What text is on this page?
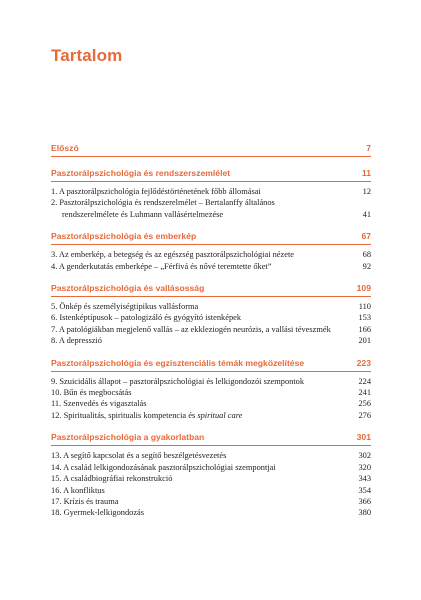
Tartalom
Előszó	7
Pasztorálpszichológia és rendszerszemlélet	11
1. A pasztorálpszichológia fejlődéstörténetének főbb állomásai	12
2. Pasztorálpszichológia és rendszerelmélet – Bertalanffy általános rendszerelmélete és Luhmann vallásértelmezése	41
Pasztorálpszichológia és emberkép	67
3. Az emberkép, a betegség és az egészség pasztorálpszichológiai nézete	68
4. A genderkutatás emberképe – „Férfivá és nővé teremtette őket”	92
Pasztorálpszichológia és vallásosság	109
5. Önkép és személyiségtipikus vallásforma	110
6. Istenképtípusok – patologizáló és gyógyító istenképek	153
7. A patológiákban megjelenő vallás – az ekkleziogén neurózis, a vallási téveszmék	166
8. A depresszió	201
Pasztorálpszichológia és egzisztenciális témák megközelítése	223
9. Szuicidális állapot – pasztorálpszichológiai és lelkigondozói szempontok	224
10. Bűn és megbocsátás	241
11. Szenvedés és vigasztalás	256
12. Spiritualitás, spiritualis kompetencia és spiritual care	276
Pasztorálpszichológia a gyakorlatban	301
13. A segítő kapcsolat és a segítő beszélgetésvezetés	302
14. A család lelkigondozásának pasztorálpszichológiai szempontjai	320
15. A családbiográfiai rekonstrukció	343
16. A konfliktus	354
17. Krízis és trauma	366
18. Gyermek-lelkigondozás	380
